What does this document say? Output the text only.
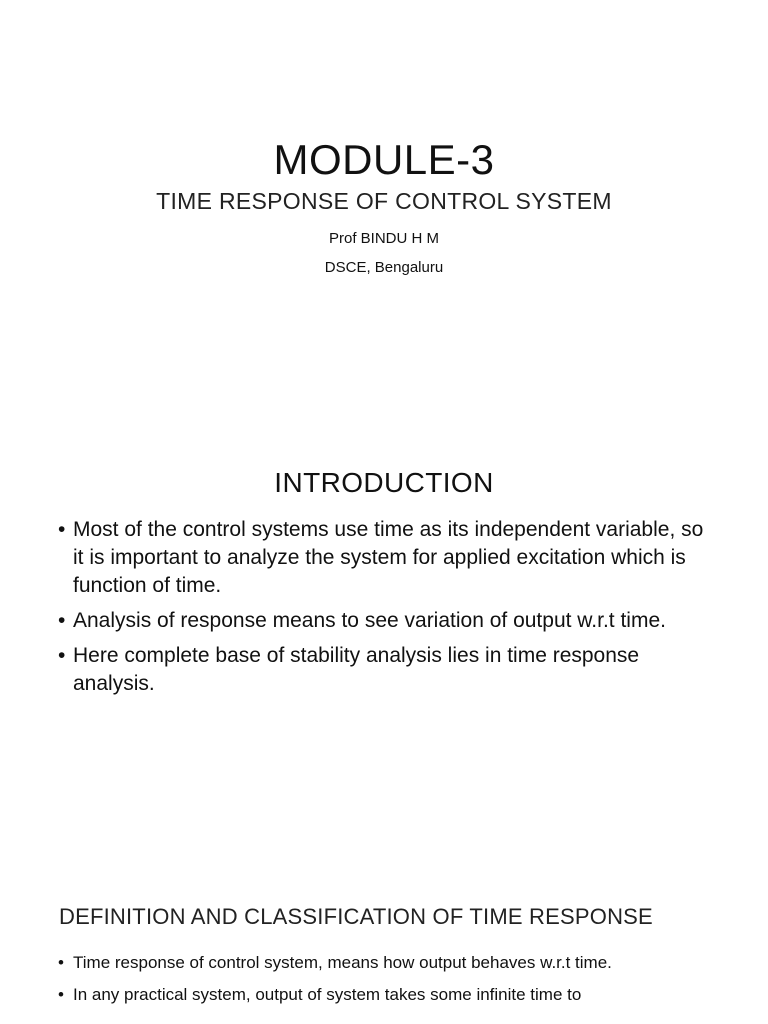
MODULE-3
TIME RESPONSE OF CONTROL SYSTEM
Prof BINDU H M
DSCE, Bengaluru
INTRODUCTION
• Most of the control systems use time as its independent variable, so it is important to analyze the system for applied excitation which is function of time.
• Analysis of response means to see variation of output w.r.t time.
• Here complete base of stability analysis lies in time response analysis.
DEFINITION AND CLASSIFICATION OF TIME RESPONSE
• Time response of control system, means how output behaves w.r.t time.
• In any practical system, output of system takes some infinite time to
